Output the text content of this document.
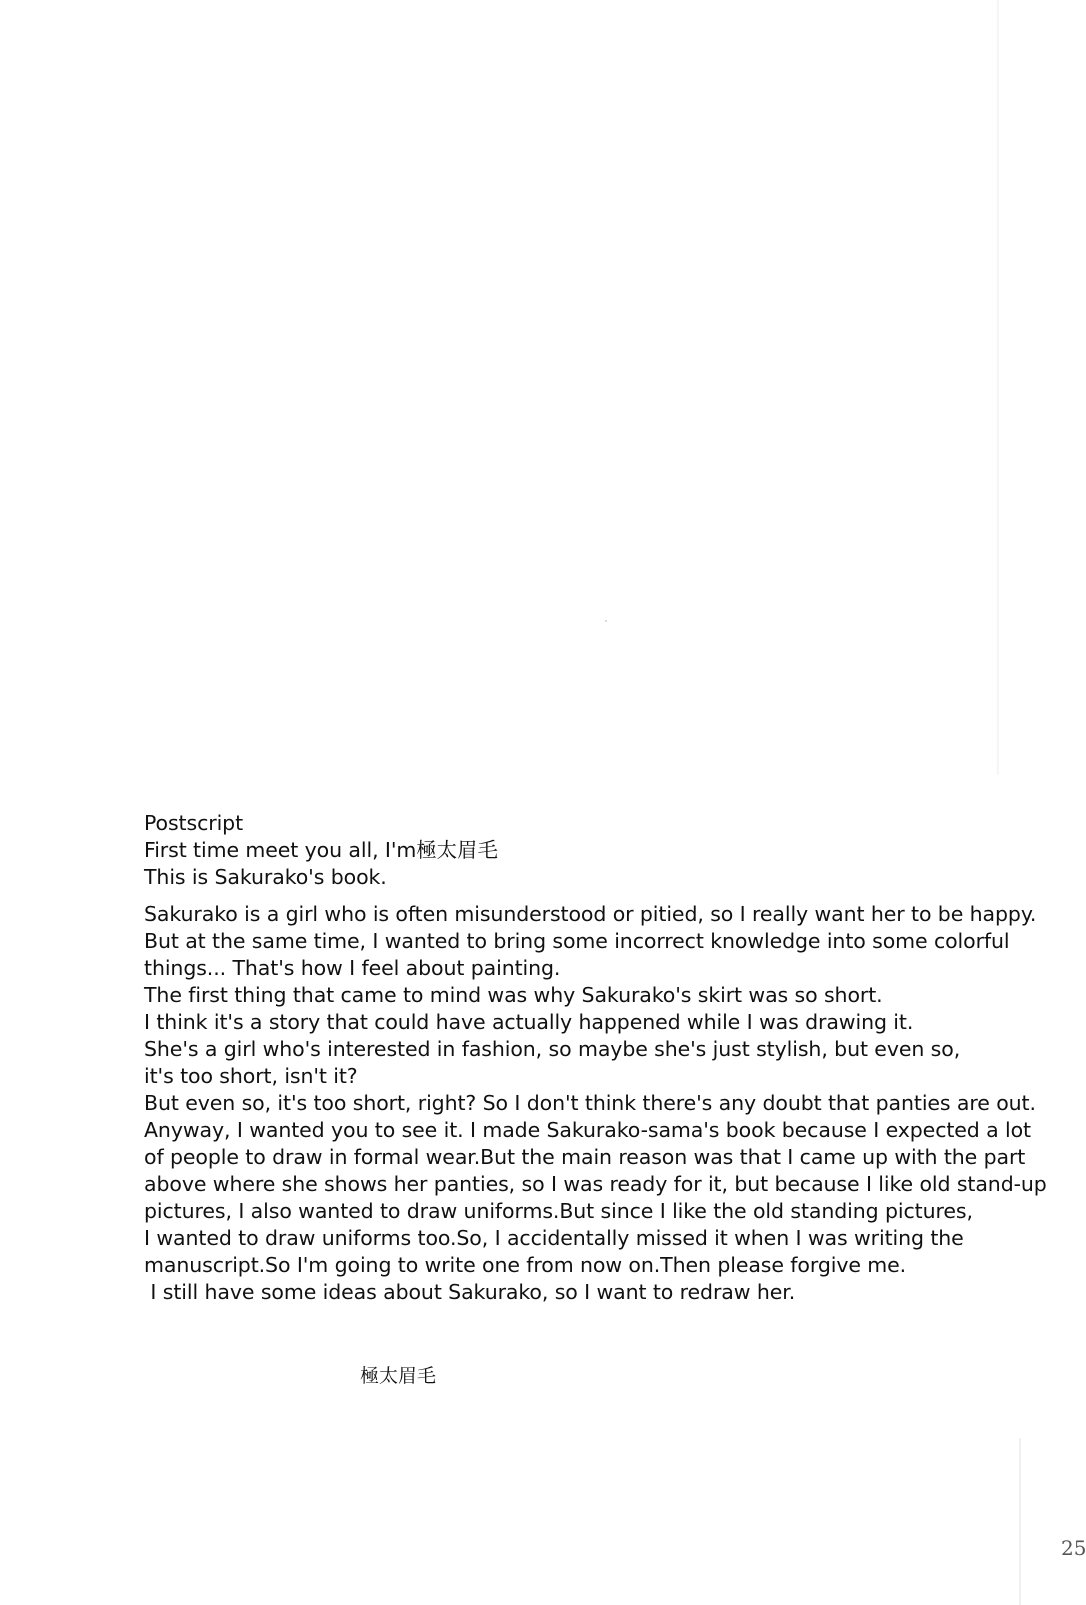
Postscript
First time meet you all, I'm極太眉毛
This is Sakurako's book.
Sakurako is a girl who is often misunderstood or pitied, so I really want her to be happy.
But at the same time, I wanted to bring some incorrect knowledge into some colorful
things... That's how I feel about painting.
The first thing that came to mind was why Sakurako's skirt was so short.
I think it's a story that could have actually happened while I was drawing it.
She's a girl who's interested in fashion, so maybe she's just stylish, but even so,
it's too short, isn't it?
But even so, it's too short, right? So I don't think there's any doubt that panties are out.
Anyway, I wanted you to see it. I made Sakurako-sama's book because I expected a lot
of people to draw in formal wear.But the main reason was that I came up with the part
above where she shows her panties, so I was ready for it, but because I like old stand-up
pictures, I also wanted to draw uniforms.But since I like the old standing pictures,
I wanted to draw uniforms too.So, I accidentally missed it when I was writing the
manuscript.So I'm going to write one from now on.Then please forgive me.
I still have some ideas about Sakurako, so I want to redraw her.
極太眉毛
25
